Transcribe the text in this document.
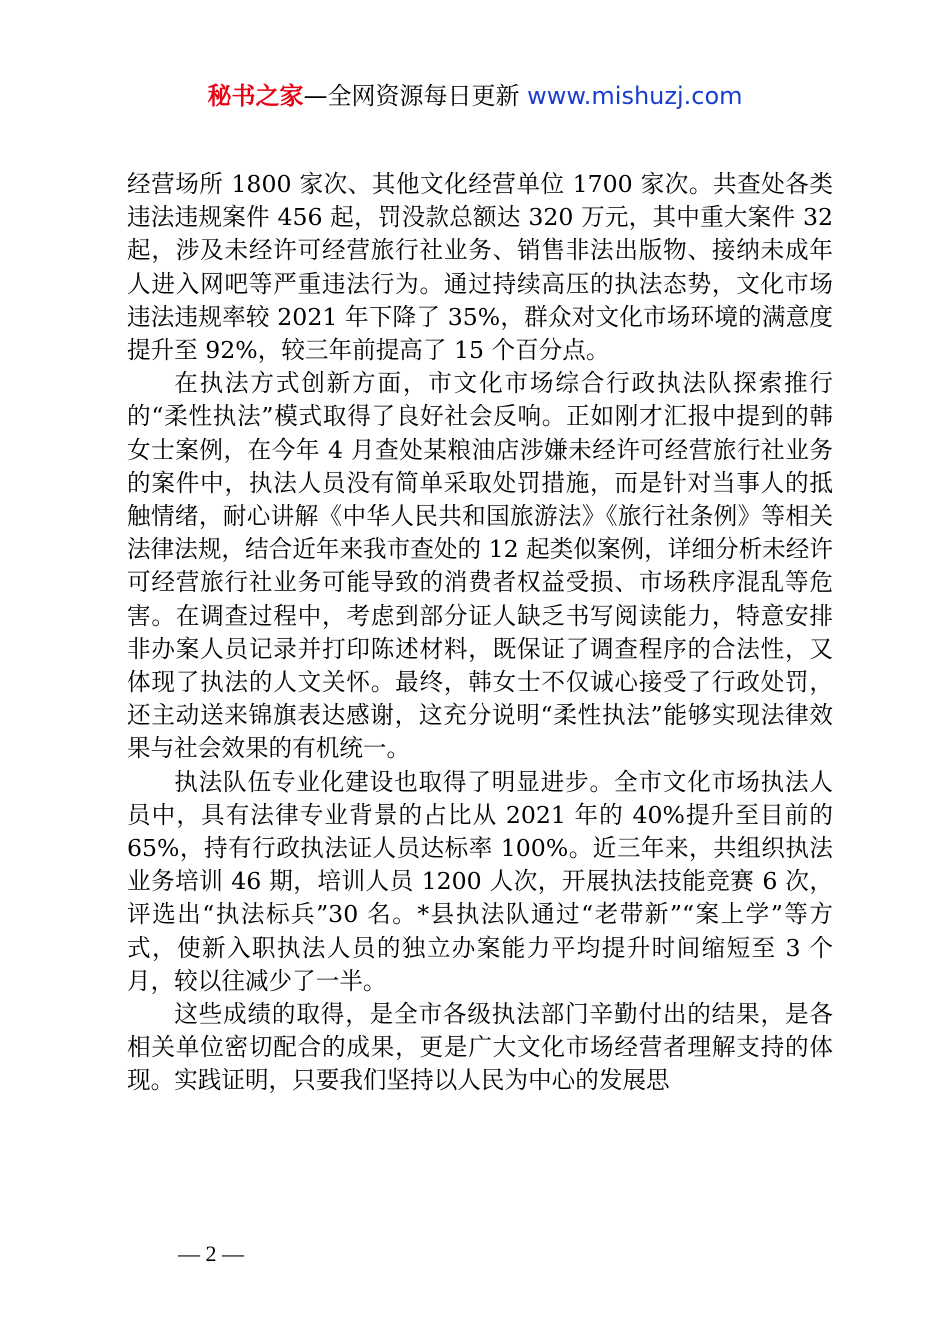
秘书之家—全网资源每日更新 www.mishuzj.com

经营场所 1800 家次、其他文化经营单位 1700 家次。共查处各类违法违规案件 456 起，罚没款总额达 320 万元，其中重大案件 32 起，涉及未经许可经营旅行社业务、销售非法出版物、接纳未成年人进入网吧等严重违法行为。通过持续高压的执法态势，文化市场违法违规率较 2021 年下降了 35%，群众对文化市场环境的满意度提升至 92%，较三年前提高了 15 个百分点。

在执法方式创新方面，市文化市场综合行政执法队探索推行的“柔性执法”模式取得了良好社会反响。正如刚才汇报中提到的韩女士案例，在今年 4 月查处某粮油店涉嫌未经许可经营旅行社业务的案件中，执法人员没有简单采取处罚措施，而是针对当事人的抵触情绪，耐心讲解《中华人民共和国旅游法》《旅行社条例》等相关法律法规，结合近年来我市查处的 12 起类似案例，详细分析未经许可经营旅行社业务可能导致的消费者权益受损、市场秩序混乱等危害。在调查过程中，考虑到部分证人缺乏书写阅读能力，特意安排非办案人员记录并打印陈述材料，既保证了调查程序的合法性，又体现了执法的人文关怀。最终，韩女士不仅诚心接受了行政处罚，还主动送来锦旗表达感谢，这充分说明“柔性执法”能够实现法律效果与社会效果的有机统一。

执法队伍专业化建设也取得了明显进步。全市文化市场执法人员中，具有法律专业背景的占比从 2021 年的 40%提升至目前的 65%，持有行政执法证人员达标率 100%。近三年来，共组织执法业务培训 46 期，培训人员 1200 人次，开展执法技能竞赛 6 次，评选出“执法标兵”30 名。*县执法队通过“老带新”“案上学”等方式，使新入职执法人员的独立办案能力平均提升时间缩短至 3 个月，较以往减少了一半。

这些成绩的取得，是全市各级执法部门辛勤付出的结果，是各相关单位密切配合的成果，更是广大文化市场经营者理解支持的体现。实践证明，只要我们坚持以人民为中心的发展思

— 2 —
